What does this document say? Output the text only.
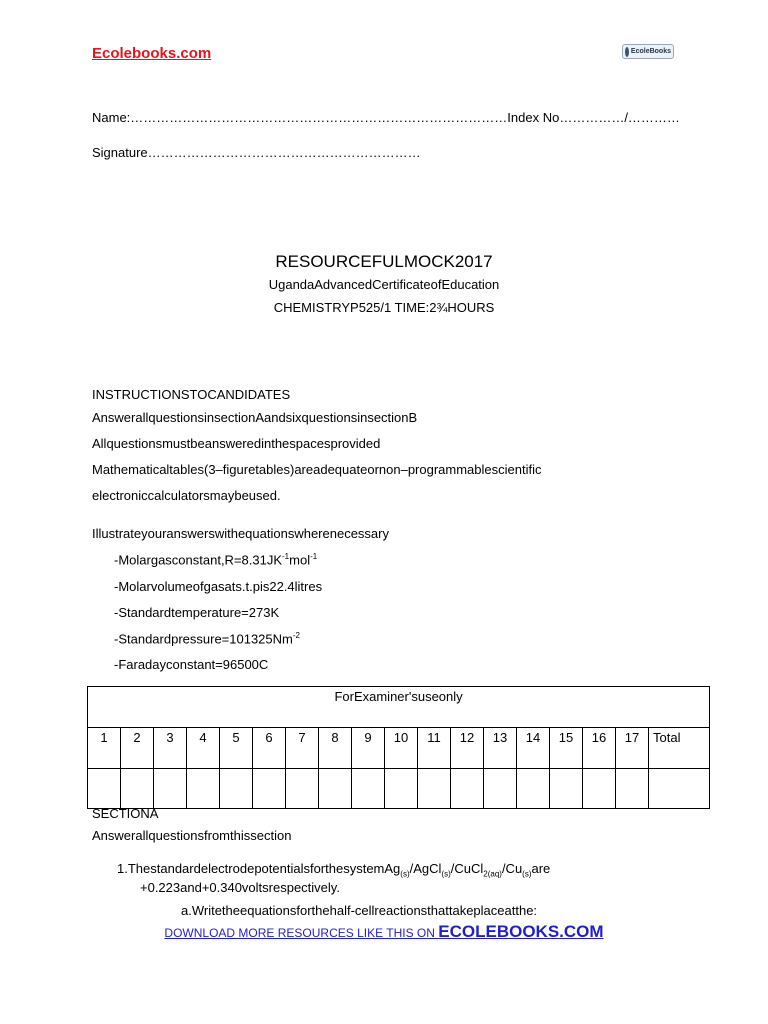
Ecolebooks.com	EcoleBooks
Name:……………………………………………………………………………Index No……………/…………
Signature………………………………………………………
RESOURCEFULMOCK2017
UgandaAdvancedCertificateofEducation
CHEMISTRYP525/1 TIME:2¾HOURS
INSTRUCTIONSTOCANDIDATES
AnswerallquestionsinsectionAandsixquestionsinsectionB
Allquestionsmustbeansweredinthespacesprovided
Mathematicaltables(3–figuretables)areadequateornon–programmablescientific
electroniccalculatorsmaybeused.
Illustrateyouranswerswithequationswherenecessary
$-Molargasconstant,R=8.31JK^{-1}mol^{-1}$
-Molarvolumeofgasats.t.pis22.4litres
-Standardtemperature=273K
$-Standardpressure=101325Nm^{-2}$
-Faradayconstant=96500C
ForExaminer'suseonly																	
1	2	3	4	5	6	7	8	9	10	11	12	13	14	15	16	17	Total

SECTIONA
Answerallquestionsfromthissection
$1.ThestandardelectrodepotentialsforthesystemAg_{(s)}/AgCl_{(s)}/CuCl_{2(aq)}/Cu_{(s)}are$
+0.223and+0.340voltsrespectively.
a.Writetheequationsforthehalf-cellreactionsthattakeplaceatthe:
DOWNLOAD MORE RESOURCES LIKE THIS ON ECOLEBOOKS.COM
